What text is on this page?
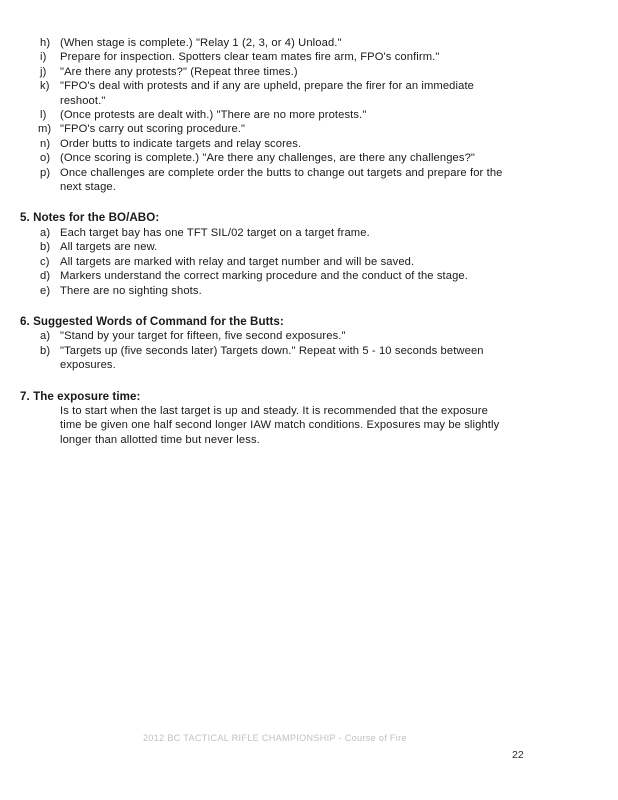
h) (When stage is complete.) "Relay 1 (2, 3, or 4) Unload."
i)	Prepare for inspection. Spotters clear team mates fire arm, FPO's confirm."
j)	"Are there any protests?" (Repeat three times.)
k) "FPO's deal with protests and if any are upheld, prepare the firer for an immediate reshoot."
l)	(Once protests are dealt with.) "There are no more protests."
m) "FPO's carry out scoring procedure."
n) Order butts to indicate targets and relay scores.
o) (Once scoring is complete.) "Are there any challenges, are there any challenges?"
p) Once challenges are complete order the butts to change out targets and prepare for the next stage.
5. Notes for the BO/ABO:
a) Each target bay has one TFT SIL/02 target on a target frame.
b) All targets are new.
c) All targets are marked with relay and target number and will be saved.
d) Markers understand the correct marking procedure and the conduct of the stage.
e) There are no sighting shots.
6. Suggested Words of Command for the Butts:
a) "Stand by your target for fifteen, five second exposures."
b) "Targets up (five seconds later) Targets down." Repeat with 5 - 10 seconds between exposures.
7. The exposure time:

Is to start when the last target is up and steady. It is recommended that the exposure time be given one half second longer IAW match conditions. Exposures may be slightly longer than allotted time but never less.

2012 BC TACTICAL RIFLE CHAMPIONSHIP - Course of Fire
22
